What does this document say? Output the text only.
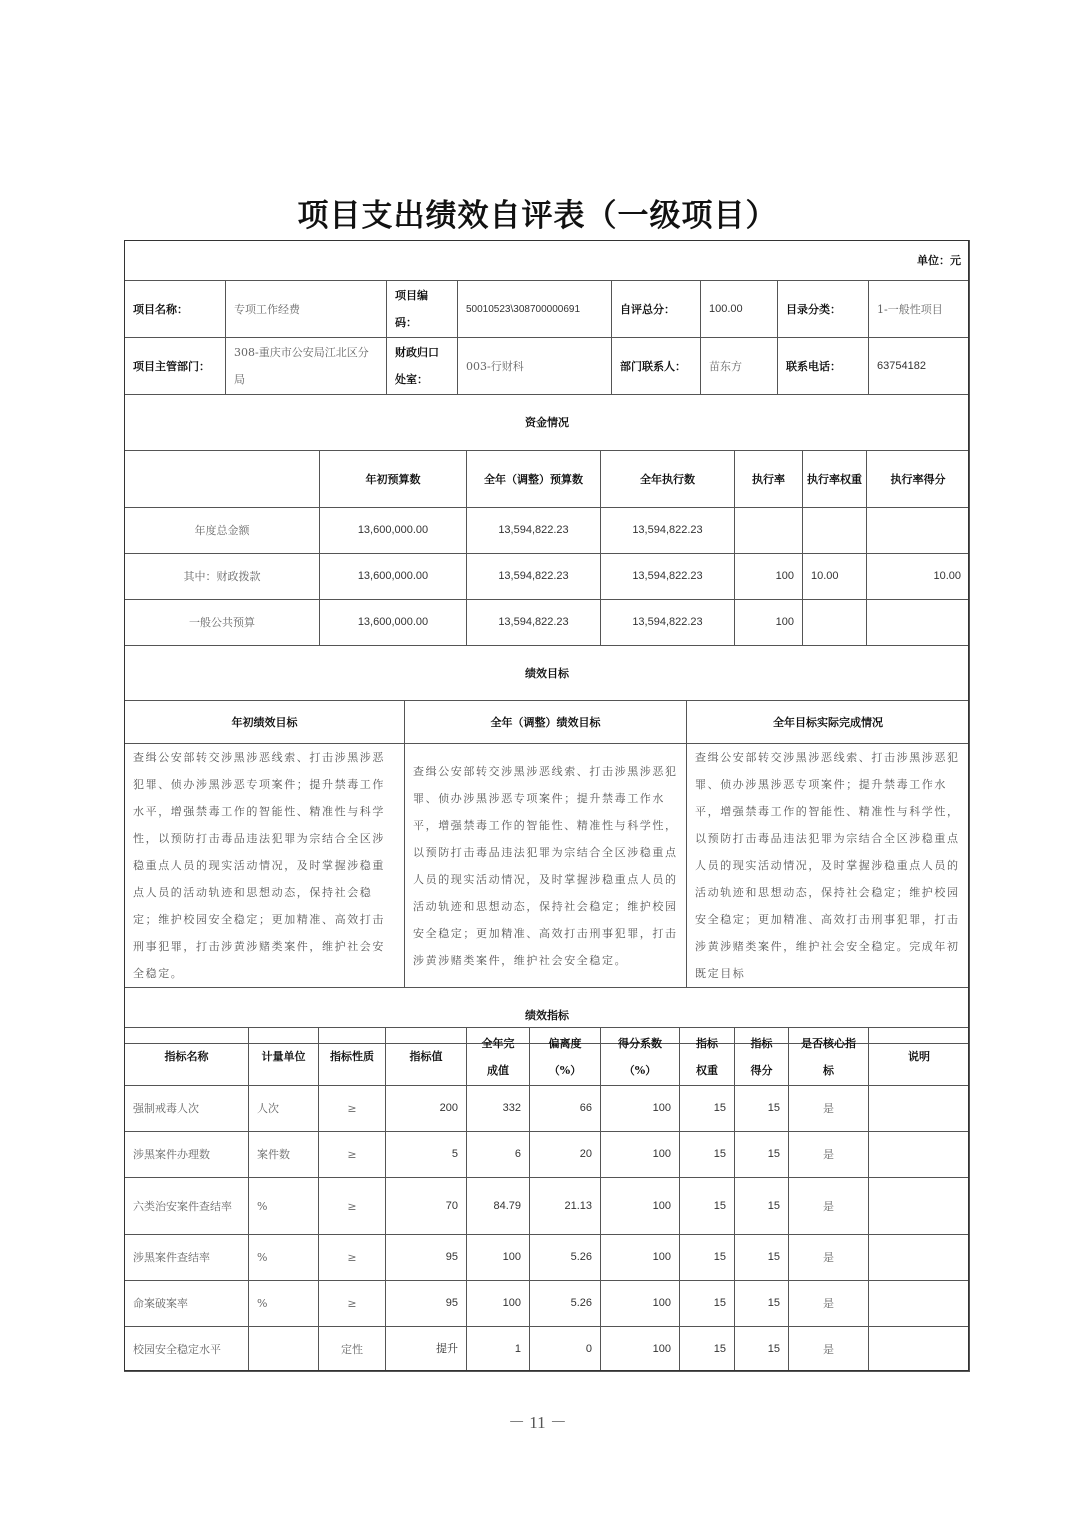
项目支出绩效自评表（一级项目）
单位：元							
项目名称：	专项工作经费	项目编码：	50010523\308700000691	自评总分：	100.00	目录分类：	1-一般性项目
项目主管部门：	308-重庆市公安局江北区分局	财政归口处室：	003-行财科	部门联系人：	苗东方	联系电话：	63754182
资金情况							
	年初预算数	全年（调整）预算数	全年执行数	执行率	执行率权重	执行率得分
年度总金额	13,600,000.00	13,594,822.23	13,594,822.23			
其中：财政拨款	13,600,000.00	13,594,822.23	13,594,822.23	100	10.00	10.00
一般公共预算	13,600,000.00	13,594,822.23	13,594,822.23	100		
绩效目标						
年初绩效目标	全年（调整）绩效目标	全年目标实际完成情况
查缉公安部转交涉黑涉恶线索、打击涉黑涉恶犯罪、侦办涉黑涉恶专项案件；提升禁毒工作水平，增强禁毒工作的智能性、精准性与科学性，以预防打击毒品违法犯罪为宗结合全区涉稳重点人员的现实活动情况，及时掌握涉稳重点人员的活动轨迹和思想动态，保持社会稳定；维护校园安全稳定；更加精准、高效打击刑事犯罪，打击涉黄涉赌类案件，维护社会安全稳定。	查缉公安部转交涉黑涉恶线索、打击涉黑涉恶犯罪、侦办涉黑涉恶专项案件；提升禁毒工作水平，增强禁毒工作的智能性、精准性与科学性，以预防打击毒品违法犯罪为宗结合全区涉稳重点人员的现实活动情况，及时掌握涉稳重点人员的活动轨迹和思想动态，保持社会稳定；维护校园安全稳定；更加精准、高效打击刑事犯罪，打击涉黄涉赌类案件，维护社会安全稳定。	查缉公安部转交涉黑涉恶线索、打击涉黑涉恶犯罪、侦办涉黑涉恶专项案件；提升禁毒工作水平，增强禁毒工作的智能性、精准性与科学性，以预防打击毒品违法犯罪为宗结合全区涉稳重点人员的现实活动情况，及时掌握涉稳重点人员的活动轨迹和思想动态，保持社会稳定；维护校园安全稳定；更加精准、高效打击刑事犯罪，打击涉黄涉赌类案件，维护社会安全稳定。完成年初既定目标
绩效指标		
指标名称	计量单位	指标性质	指标值	全年完成值	偏离度（%）	得分系数（%）	指标权重	指标得分	是否核心指标	说明
强制戒毒人次	人次	≥	200	332	66	100	15	15	是	
涉黑案件办理数	案件数	≥	5	6	20	100	15	15	是	
六类治安案件查结率	%	≥	70	84.79	21.13	100	15	15	是	
涉黑案件查结率	%	≥	95	100	5.26	100	15	15	是	
命案破案率	%	≥	95	100	5.26	100	15	15	是	
校园安全稳定水平		定性	提升	1	0	100	15	15	是	
－ 11 －
